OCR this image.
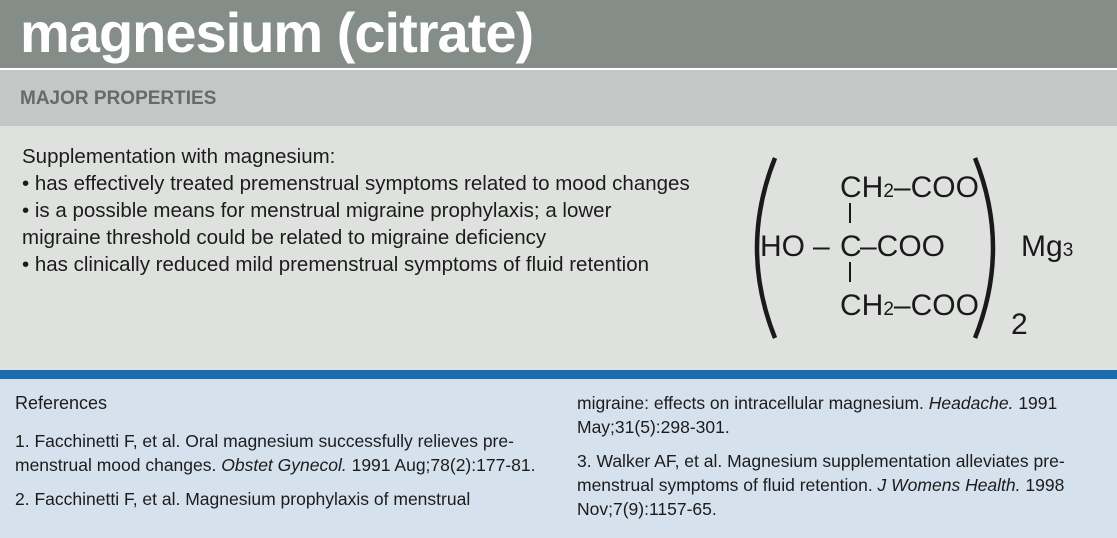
magnesium (citrate)
MAJOR PROPERTIES
Supplementation with magnesium:
• has effectively treated premenstrual symptoms related to mood changes
• is a possible means for menstrual migraine prophylaxis; a lower
migraine threshold could be related to migraine deficiency
• has clinically reduced mild premenstrual symptoms of fluid retention
CH2–COO
HO – C
–COO
CH2–COO
Mg3
2
References
1. Facchinetti F, et al. Oral magnesium successfully relieves pre-
menstrual mood changes. Obstet Gynecol. 1991 Aug;78(2):177-81.
2. Facchinetti F, et al. Magnesium prophylaxis of menstrual
migraine: effects on intracellular magnesium. Headache. 1991
May;31(5):298-301.
3. Walker AF, et al. Magnesium supplementation alleviates pre-
menstrual symptoms of fluid retention. J Womens Health. 1998
Nov;7(9):1157-65.
